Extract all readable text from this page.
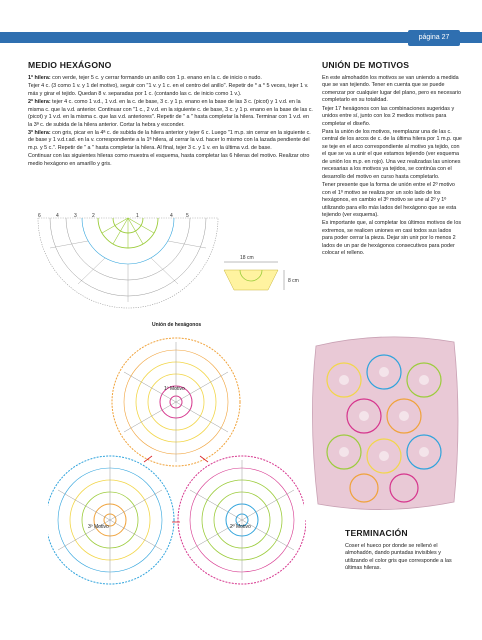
página 27
MEDIO HEXÁGONO

1ª hilera: con verde, tejer 5 c. y cerrar formando un anillo con 1 p. enano en la c. de inicio o nudo.

Tejer 4 c. (3 como 1 v. y 1 del motivo), seguir con "1 v. y 1 c. en el centro del anillo". Repetir de * a * 5 veces, tejer 1 v. más y girar el tejido. Quedan 8 v. separadas por 1 c. (contando las c. de inicio como 1 v.).

2ª hilera: tejer 4 c. como 1 v.d., 1 v.d. en la c. de base, 3 c. y 1 p. enano en la base de las 3 c. (picot) y 1 v.d. en la misma c. que la v.d. anterior. Continuar con "1 c., 2 v.d. en la siguiente c. de base, 3 c. y 1 p. enano en la base de las c. (picot) y 1 v.d. en la misma c. que las v.d. anteriores". Repetir de " a " hasta completar la hilera. Terminar con 1 v.d. en la 3ª c. de subida de la hilera anterior. Cortar la hebra y esconder.

3ª hilera: con gris, picar en la 4ª c. de subida de la hilera anterior y tejer 6 c. Luego "1 m.p. sin cerrar en la siguiente c. de base y 1 v.d.r.ad. en la v. correspondiente a la 1ª hilera, al cerrar la v.d. hacer lo mismo con la lazada pendiente del m.p. y 5 c.". Repetir de " a " hasta completar la hilera. Al final, tejer 3 c. y 1 v. en la última v.d. de base.

Continuar con las siguientes hileras como muestra el esquema, hasta completar las 6 hileras del motivo. Realizar otro medio hexágono en amarillo y gris.

UNIÓN DE MOTIVOS

En este almohadón los motivos se van uniendo a medida que se van tejiendo. Tener en cuenta que se puede comenzar por cualquier lugar del plano, pero es necesario completarlo en su totalidad.

Tejer 17 hexágonos con las combinaciones sugeridas y unidos entre sí, junto con los 2 medios motivos para completar el diseño.

Para la unión de los motivos, reemplazar una de las c. central de los arcos de c. de la última hilera por 1 m.p. que se teje en el arco correspondiente al motivo ya tejido, con el que se va a unir el que estamos tejiendo (ver esquema de unión los m.p. en rojo). Una vez realizadas las uniones necesarias a los motivos ya tejidos, se continúa con el desarrollo del motivo en curso hasta completarlo.

Tener presente que la forma de unión entre el 2º motivo con el 1º motivo se realiza por un solo lado de los hexágonos, en cambio el 3º motivo se une al 2º y 1º utilizando para ello más lados del hexágono que se esta tejiendo (ver esquema).

Es importante que, al completar los últimos motivos de los extremos, se realicen uniones en casi todos sus lados para poder cerrar la pieza. Dejar sin unir por lo menos 2 lados de un par de hexágonos consecutivos para poder colocar el relleno.

6	4	3	2	1	4	5
18 cm
8 cm
Unión de hexágonos
1º Motivo
3º Motivo	2º Motivo
TERMINACIÓN

Coser el hueco por donde se rellenó el almohadón, dando puntadas invisibles y utilizando el color gris que corresponde a las últimas hileras.
